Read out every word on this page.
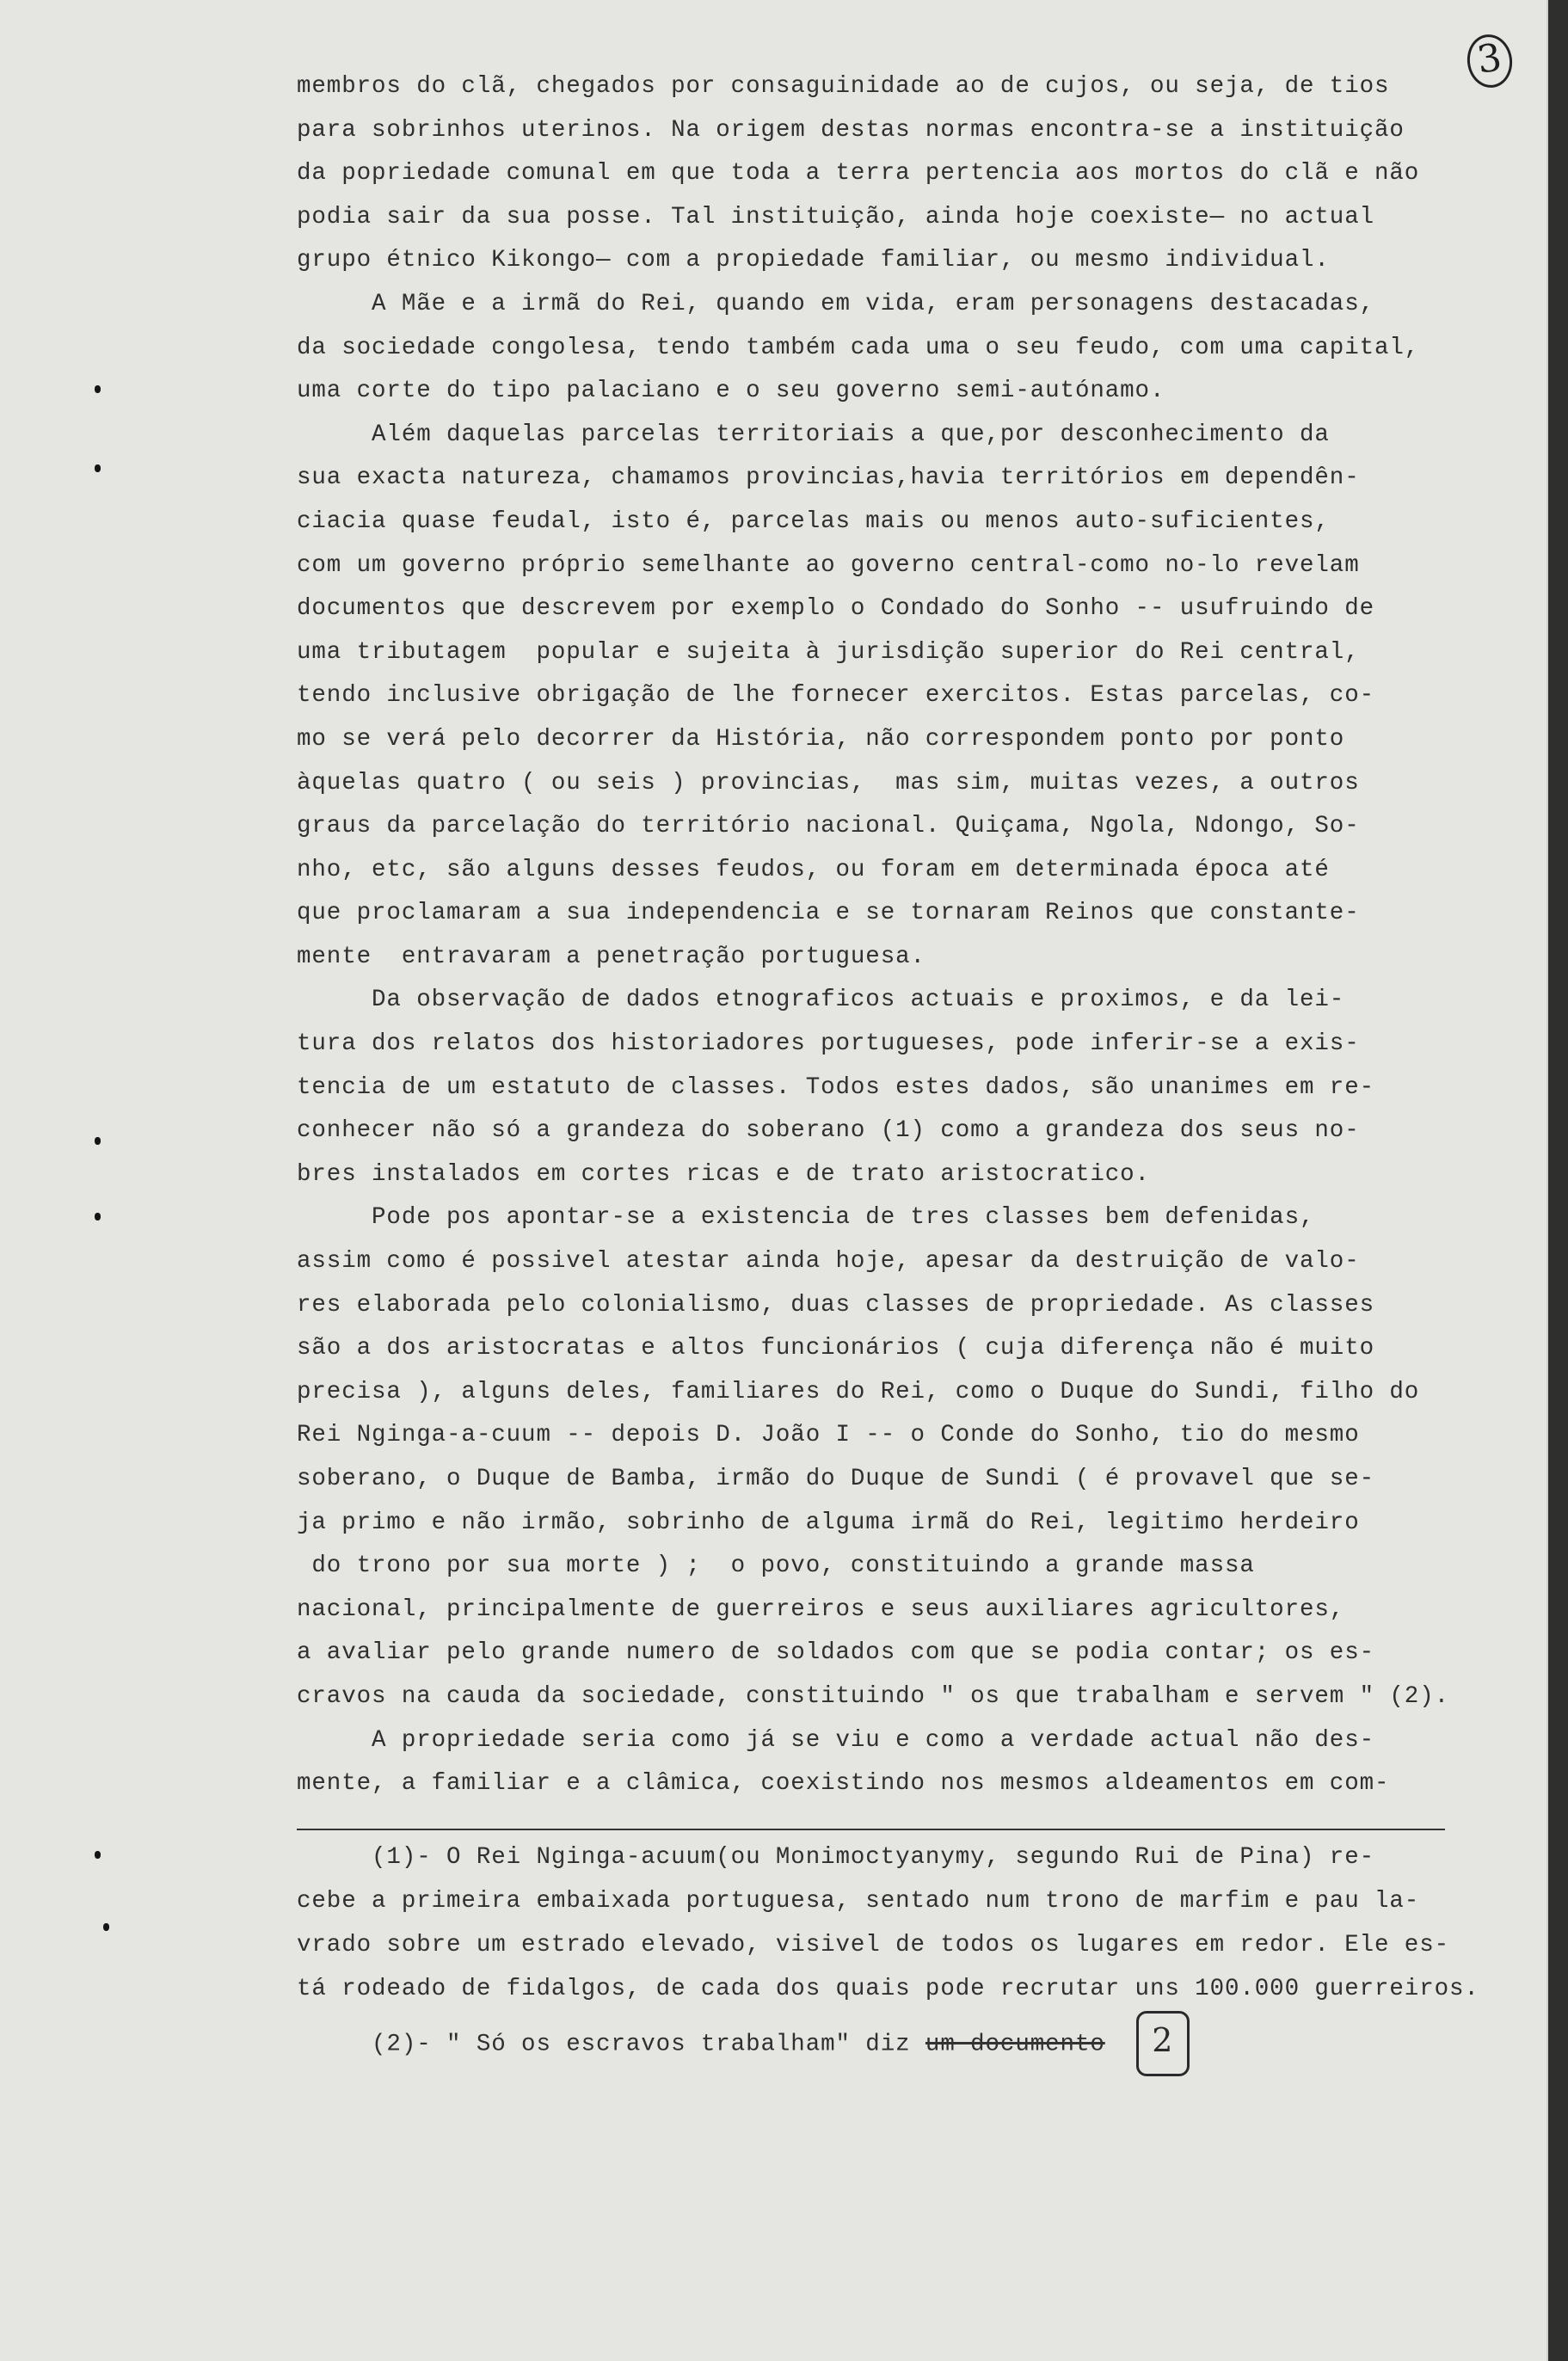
3
membros do clã, chegados por consaguinidade ao de cujos, ou seja, de tios
para sobrinhos uterinos. Na origem destas normas encontra-se a instituição
da popriedade comunal em que toda a terra pertencia aos mortos do clã e não
podia sair da sua posse. Tal instituição, ainda hoje coexiste— no actual
grupo étnico Kikongo— com a propiedade familiar, ou mesmo individual.
A Mãe e a irmã do Rei, quando em vida, eram personagens destacadas,
da sociedade congolesa, tendo também cada uma o seu feudo, com uma capital,
uma corte do tipo palaciano e o seu governo semi-autónamo.
Além daquelas parcelas territoriais a que,por desconhecimento da
sua exacta natureza, chamamos provincias,havia territórios em dependên-
ciacia quase feudal, isto é, parcelas mais ou menos auto-suficientes,
com um governo próprio semelhante ao governo central-como no-lo revelam
documentos que descrevem por exemplo o Condado do Sonho -- usufruindo de
uma tributagem  popular e sujeita à jurisdição superior do Rei central,
tendo inclusive obrigação de lhe fornecer exercitos. Estas parcelas, co-
mo se verá pelo decorrer da História, não correspondem ponto por ponto
àquelas quatro ( ou seis ) provincias,  mas sim, muitas vezes, a outros
graus da parcelação do território nacional. Quiçama, Ngola, Ndongo, So-
nho, etc, são alguns desses feudos, ou foram em determinada época até
que proclamaram a sua independencia e se tornaram Reinos que constante-
mente  entravaram a penetração portuguesa.
Da observação de dados etnograficos actuais e proximos, e da lei-
tura dos relatos dos historiadores portugueses, pode inferir-se a exis-
tencia de um estatuto de classes. Todos estes dados, são unanimes em re-
conhecer não só a grandeza do soberano (1) como a grandeza dos seus no-
bres instalados em cortes ricas e de trato aristocratico.
Pode pos apontar-se a existencia de tres classes bem defenidas,
assim como é possivel atestar ainda hoje, apesar da destruição de valo-
res elaborada pelo colonialismo, duas classes de propriedade. As classes
são a dos aristocratas e altos funcionários ( cuja diferença não é muito
precisa ), alguns deles, familiares do Rei, como o Duque do Sundi, filho do
Rei Nginga-a-cuum -- depois D. João I -- o Conde do Sonho, tio do mesmo
soberano, o Duque de Bamba, irmão do Duque de Sundi ( é provavel que se-
ja primo e não irmão, sobrinho de alguma irmã do Rei, legitimo herdeiro
do trono por sua morte ) ;  o povo, constituindo a grande massa
nacional, principalmente de guerreiros e seus auxiliares agricultores,
a avaliar pelo grande numero de soldados com que se podia contar; os es-
cravos na cauda da sociedade, constituindo " os que trabalham e servem " (2).
A propriedade seria como já se viu e como a verdade actual não des-
mente, a familiar e a clâmica, coexistindo nos mesmos aldeamentos em com-
(1)- O Rei Nginga-acuum(ou Monimoctyanymy, segundo Rui de Pina) re-
cebe a primeira embaixada portuguesa, sentado num trono de marfim e pau la-
vrado sobre um estrado elevado, visivel de todos os lugares em redor. Ele es-
tá rodeado de fidalgos, de cada dos quais pode recrutar uns 100.000 guerreiros.
(2)- " Só os escravos trabalham" diz um documento 2
